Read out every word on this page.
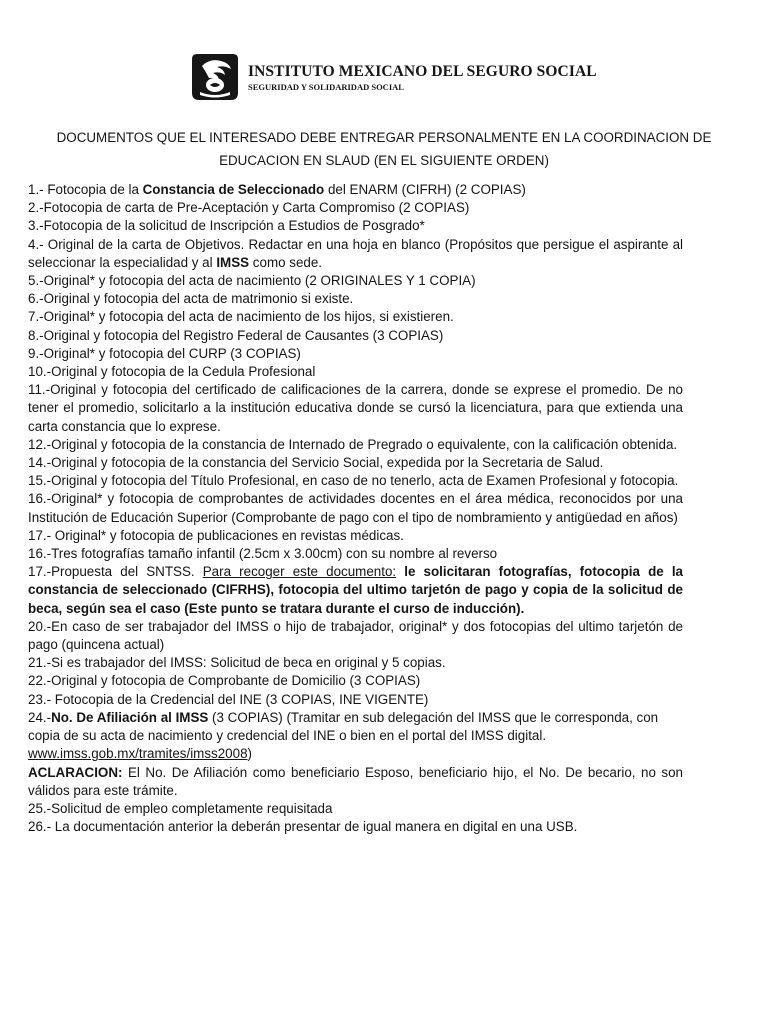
INSTITUTO MEXICANO DEL SEGURO SOCIAL
SEGURIDAD Y SOLIDARIDAD SOCIAL
DOCUMENTOS QUE EL INTERESADO DEBE ENTREGAR PERSONALMENTE EN LA COORDINACION DE
EDUCACION EN SLAUD (EN EL SIGUIENTE ORDEN)
1.- Fotocopia de la Constancia de Seleccionado del ENARM (CIFRH) (2 COPIAS)
2.-Fotocopia de carta de Pre-Aceptación y Carta Compromiso (2 COPIAS)
3.-Fotocopia de la solicitud de Inscripción a Estudios de Posgrado*
4.- Original de la carta de Objetivos. Redactar en una hoja en blanco (Propósitos que persigue el aspirante al seleccionar la especialidad y al IMSS como sede.
5.-Original* y fotocopia del acta de nacimiento (2 ORIGINALES Y 1 COPIA)
6.-Original y fotocopia del acta de matrimonio si existe.
7.-Original* y fotocopia del acta de nacimiento de los hijos, si existieren.
8.-Original y fotocopia del Registro Federal de Causantes (3 COPIAS)
9.-Original* y fotocopia del CURP (3 COPIAS)
10.-Original y fotocopia de la Cedula Profesional
11.-Original y fotocopia del certificado de calificaciones de la carrera, donde se exprese el promedio. De no tener el promedio, solicitarlo a la institución educativa donde se cursó la licenciatura, para que extienda una carta constancia que lo exprese.
12.-Original y fotocopia de la constancia de Internado de Pregrado o equivalente, con la calificación obtenida.
14.-Original y fotocopia de la constancia del Servicio Social, expedida por la Secretaria de Salud.
15.-Original y fotocopia del Título Profesional, en caso de no tenerlo, acta de Examen Profesional y fotocopia.
16.-Original* y fotocopia de comprobantes de actividades docentes en el área médica, reconocidos por una Institución de Educación Superior (Comprobante de pago con el tipo de nombramiento y antigüedad en años)
17.- Original* y fotocopia de publicaciones en revistas médicas.
16.-Tres fotografías tamaño infantil (2.5cm x 3.00cm) con su nombre al reverso
17.-Propuesta del SNTSS. Para recoger este documento: le solicitaran fotografías, fotocopia de la constancia de seleccionado (CIFRHS), fotocopia del ultimo tarjetón de pago y copia de la solicitud de beca, según sea el caso (Este punto se tratara durante el curso de inducción).
20.-En caso de ser trabajador del IMSS o hijo de trabajador, original* y dos fotocopias del ultimo tarjetón de pago (quincena actual)
21.-Si es trabajador del IMSS: Solicitud de beca en original y 5 copias.
22.-Original y fotocopia de Comprobante de Domicilio (3 COPIAS)
23.- Fotocopia de la Credencial del INE (3 COPIAS, INE VIGENTE)
24.-No. De Afiliación al IMSS (3 COPIAS) (Tramitar en sub delegación del IMSS que le corresponda, con copia de su acta de nacimiento y credencial del INE o bien en el portal del IMSS digital. www.imss.gob.mx/tramites/imss2008)
ACLARACION: El No. De Afiliación como beneficiario Esposo, beneficiario hijo, el No. De becario, no son válidos para este trámite.
25.-Solicitud de empleo completamente requisitada
26.- La documentación anterior la deberán presentar de igual manera en digital en una USB.
